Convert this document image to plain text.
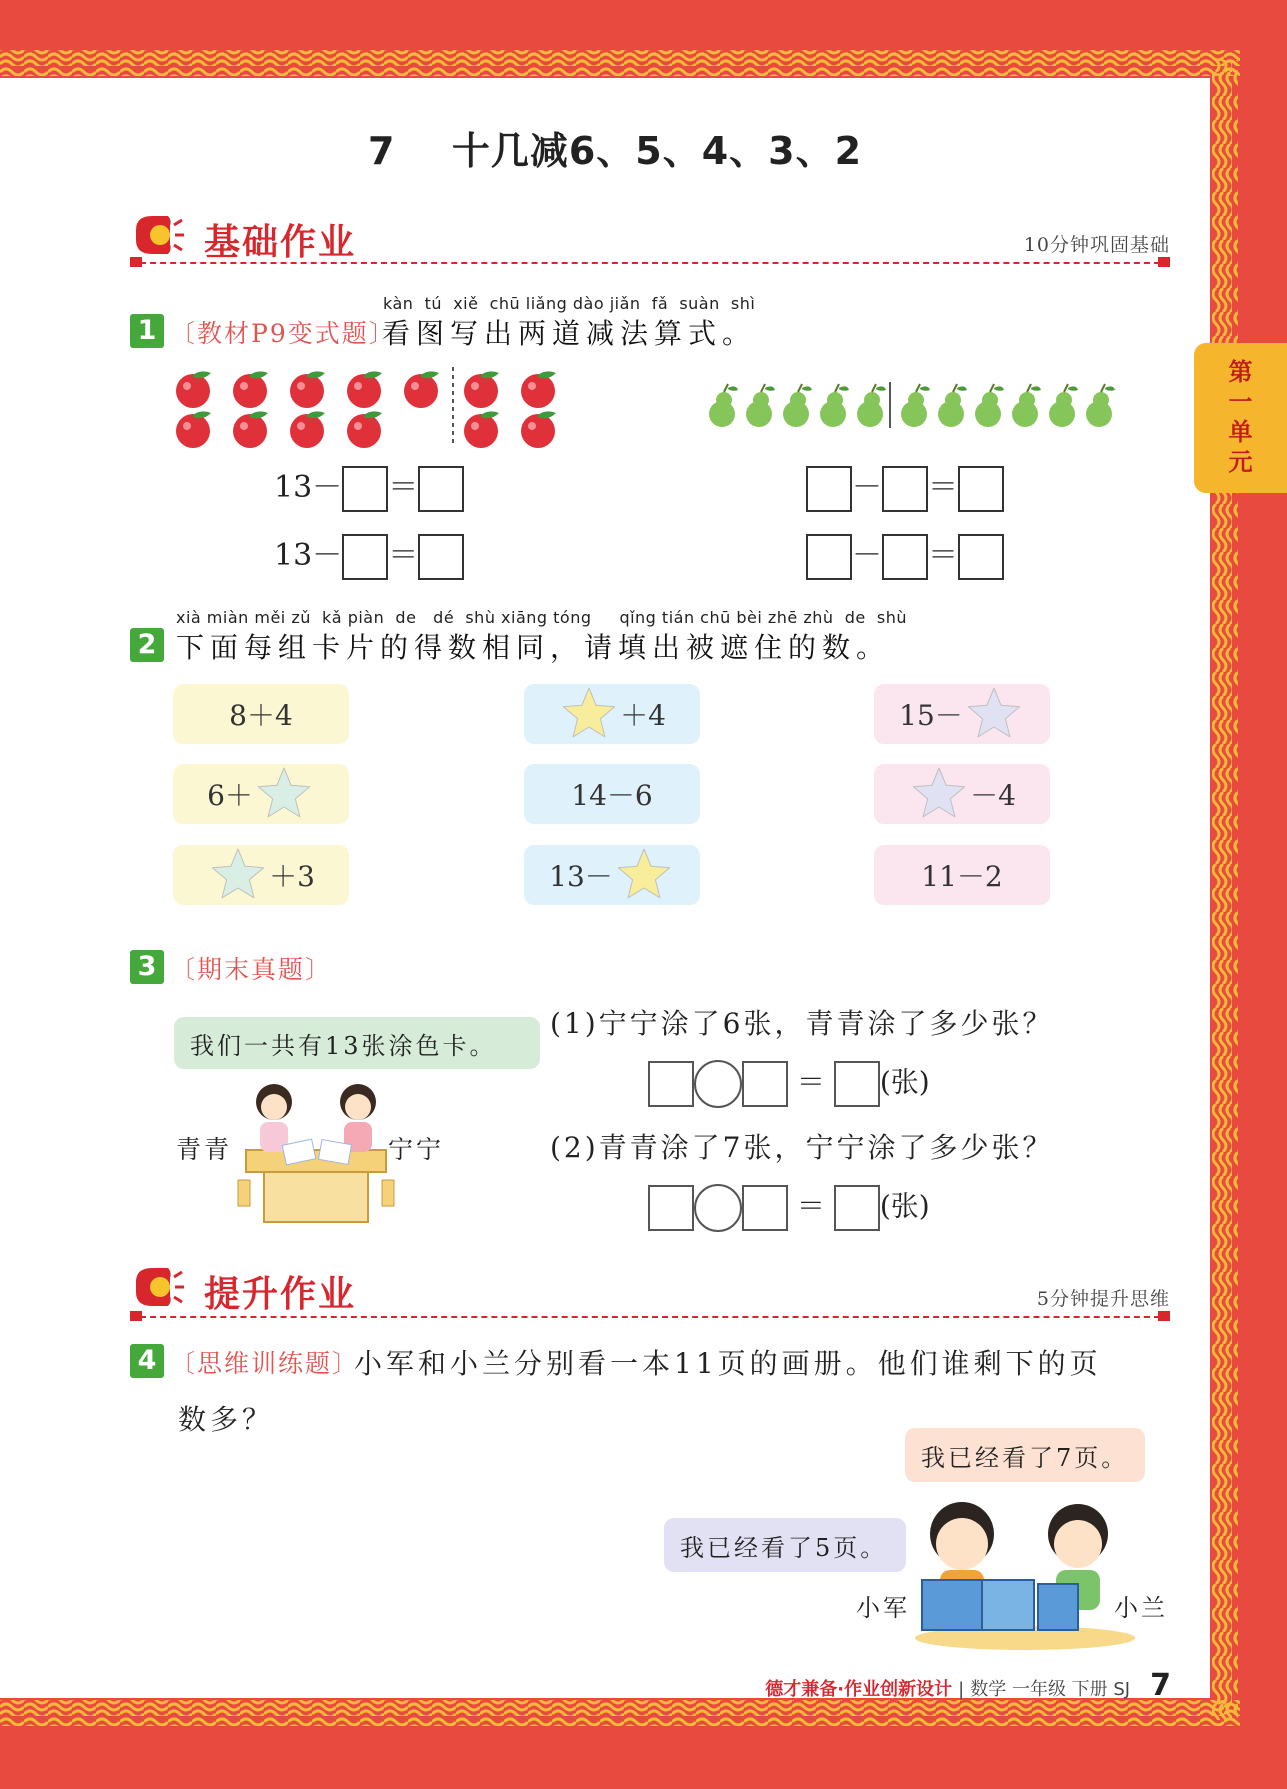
第
一
单
元
7 十几减6、5、4、3、2
基础作业	10分钟巩固基础
kàn  tú  xiě  chū liǎng dào jiǎn  fǎ  suàn  shì
1 〔教材P9变式题〕
看图写出两道减法算式。
13－ ＝
13－ ＝
－ ＝
－ ＝
xià miàn měi zǔ  kǎ piàn  de   dé  shù xiāng tóng     qǐng tián chū bèi zhē zhù  de  shù
2 下面每组卡片的得数相同，请填出被遮住的数。
8＋4
6＋
＋3
＋4
14－6
13－
15－
－4
11－2
3 〔期末真题〕
我们一共有13张涂色卡。
青青	宁宁
(1)宁宁涂了6张，青青涂了多少张？
＝ (张)
(2)青青涂了7张，宁宁涂了多少张？
＝ (张)
提升作业	5分钟提升思维
4 〔思维训练题〕
小军和小兰分别看一本11页的画册。他们谁剩下的页
数多？
我已经看了7页。
我已经看了5页。
小军	小兰
德才兼备·作业创新设计 | 数学 一年级 下册 SJ 7
